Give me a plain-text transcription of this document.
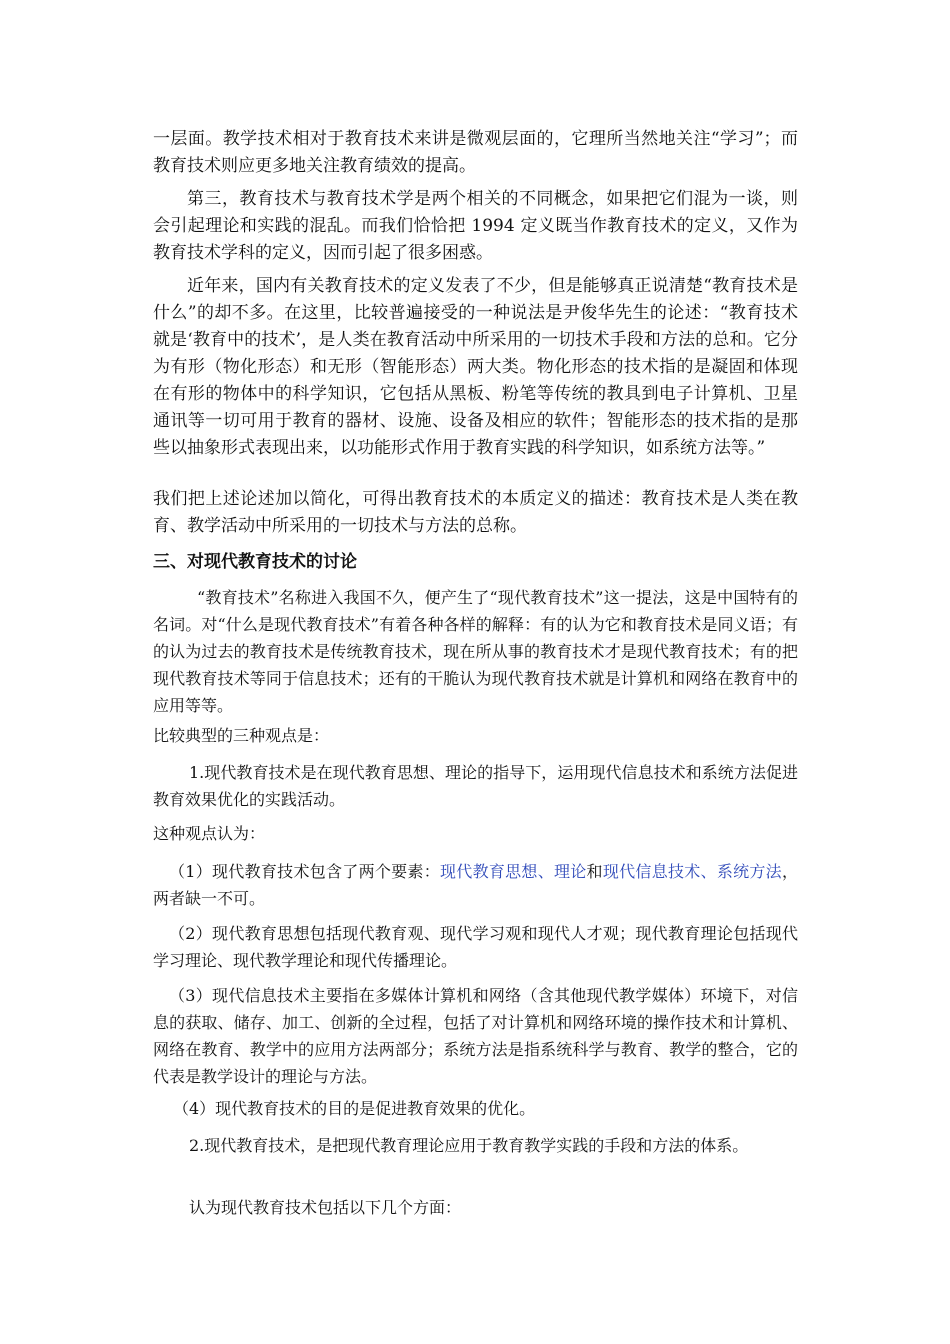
一层面。教学技术相对于教育技术来讲是微观层面的，它理所当然地关注“学习”；而教育技术则应更多地关注教育绩效的提高。

第三，教育技术与教育技术学是两个相关的不同概念，如果把它们混为一谈，则会引起理论和实践的混乱。而我们恰恰把 1994 定义既当作教育技术的定义，又作为教育技术学科的定义，因而引起了很多困惑。

近年来，国内有关教育技术的定义发表了不少，但是能够真正说清楚“教育技术是什么”的却不多。在这里，比较普遍接受的一种说法是尹俊华先生的论述：“教育技术就是‘教育中的技术’，是人类在教育活动中所采用的一切技术手段和方法的总和。它分为有形（物化形态）和无形（智能形态）两大类。物化形态的技术指的是凝固和体现在有形的物体中的科学知识，它包括从黑板、粉笔等传统的教具到电子计算机、卫星通讯等一切可用于教育的器材、设施、设备及相应的软件；智能形态的技术指的是那些以抽象形式表现出来，以功能形式作用于教育实践的科学知识，如系统方法等。”

我们把上述论述加以简化，可得出教育技术的本质定义的描述：教育技术是人类在教育、教学活动中所采用的一切技术与方法的总称。

三、对现代教育技术的讨论

“教育技术”名称进入我国不久，便产生了“现代教育技术”这一提法，这是中国特有的名词。对“什么是现代教育技术”有着各种各样的解释：有的认为它和教育技术是同义语；有的认为过去的教育技术是传统教育技术，现在所从事的教育技术才是现代教育技术；有的把现代教育技术等同于信息技术；还有的干脆认为现代教育技术就是计算机和网络在教育中的应用等等。

比较典型的三种观点是：

1.现代教育技术是在现代教育思想、理论的指导下，运用现代信息技术和系统方法促进教育效果优化的实践活动。

这种观点认为：

（1）现代教育技术包含了两个要素：现代教育思想、理论和现代信息技术、系统方法，两者缺一不可。

（2）现代教育思想包括现代教育观、现代学习观和现代人才观；现代教育理论包括现代学习理论、现代教学理论和现代传播理论。

（3）现代信息技术主要指在多媒体计算机和网络（含其他现代教学媒体）环境下，对信息的获取、储存、加工、创新的全过程，包括了对计算机和网络环境的操作技术和计算机、网络在教育、教学中的应用方法两部分；系统方法是指系统科学与教育、教学的整合，它的代表是教学设计的理论与方法。

（4）现代教育技术的目的是促进教育效果的优化。

2.现代教育技术，是把现代教育理论应用于教育教学实践的手段和方法的体系。

认为现代教育技术包括以下几个方面：
